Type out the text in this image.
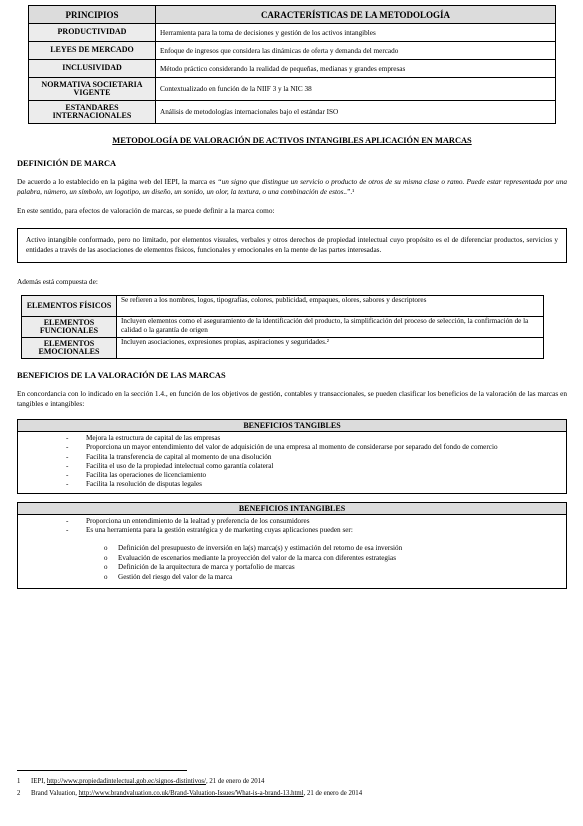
PRINCIPIOS	CARACTERÍSTICAS DE LA METODOLOGÍA
PRODUCTIVIDAD	Herramienta para la toma de decisiones y gestión de los activos intangibles
LEYES DE MERCADO	Enfoque de ingresos que considera las dinámicas de oferta y demanda del mercado
INCLUSIVIDAD	Método práctico considerando la realidad de pequeñas, medianas y grandes empresas
NORMATIVA SOCIETARIA VIGENTE	Contextualizado en función de la NIIF 3 y la NIC 38
ESTANDARES INTERNACIONALES	Análisis de metodologías internacionales bajo el estándar ISO
METODOLOGÍA DE VALORACIÓN DE ACTIVOS INTANGIBLES APLICACIÓN EN MARCAS
DEFINICIÓN DE MARCA
De acuerdo a lo establecido en la página web del IEPI, la marca es “un signo que distingue un servicio o producto de otros de su misma clase o ramo. Puede estar representada por una palabra, número, un símbolo, un logotipo, un diseño, un sonido, un olor, la textura, o una combinación de estos..”.¹
En este sentido, para efectos de valoración de marcas, se puede definir a la marca como:
Activo intangible conformado, pero no limitado, por elementos visuales, verbales y otros derechos de propiedad intelectual cuyo propósito es el de diferenciar productos, servicios y entidades a través de las asociaciones de elementos físicos, funcionales y emocionales en la mente de las partes interesadas.
Además está compuesta de:
ELEMENTOS FÍSICOS	Se refieren a los nombres, logos, tipografías, colores, publicidad, empaques, olores, sabores y descriptores
ELEMENTOS FUNCIONALES	Incluyen elementos como el aseguramiento de la identificación del producto, la simplificación del proceso de selección, la confirmación de la calidad o la garantía de origen
ELEMENTOS EMOCIONALES	Incluyen asociaciones, expresiones propias, aspiraciones y seguridades.²
BENEFICIOS DE LA VALORACIÓN DE LAS MARCAS
En concordancia con lo indicado en la sección 1.4., en función de los objetivos de gestión, contables y transaccionales, se pueden clasificar los beneficios de la valoración de las marcas en tangibles e intangibles:
BENEFICIOS TANGIBLES
- Mejora la estructura de capital de las empresas
- Proporciona un mayor entendimiento del valor de adquisición de una empresa al momento de considerarse por separado del fondo de comercio
- Facilita la transferencia de capital al momento de una disolución
- Facilita el uso de la propiedad intelectual como garantía colateral
- Facilita las operaciones de licenciamiento
- Facilita la resolución de disputas legales
BENEFICIOS INTANGIBLES
- Proporciona un entendimiento de la lealtad y preferencia de los consumidores
- Es una herramienta para la gestión estratégica y de marketing cuyas aplicaciones pueden ser:
o Definición del presupuesto de inversión en la(s) marca(s) y estimación del retorno de esa inversión
o Evaluación de escenarios mediante la proyección del valor de la marca con diferentes estrategias
o Definición de la arquitectura de marca y portafolio de marcas
o Gestión del riesgo del valor de la marca
1 IEPI, http://www.propiedadintelectual.gob.ec/signos-distintivos/, 21 de enero de 2014
2 Brand Valuation, http://www.brandvaluation.co.uk/Brand-Valuation-Issues/What-is-a-brand-13.html, 21 de enero de 2014
